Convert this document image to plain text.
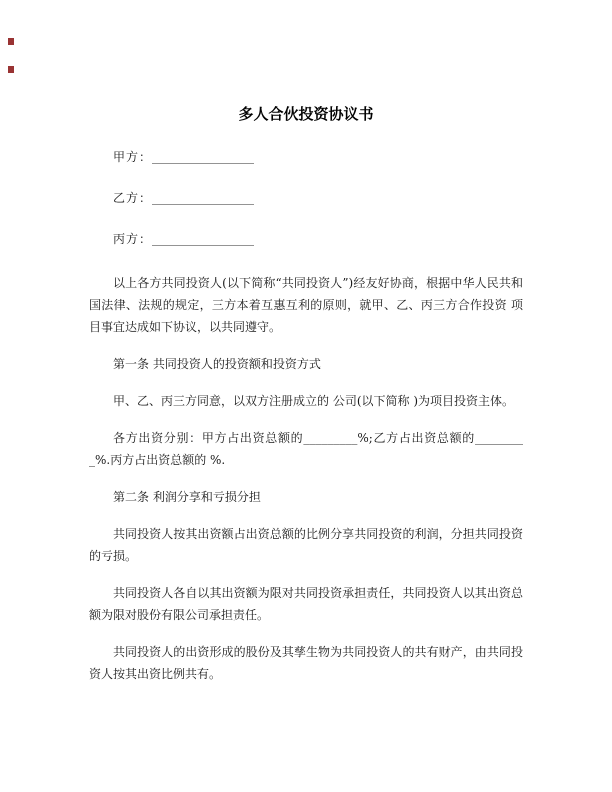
多人合伙投资协议书
甲方：_________________
乙方：_________________
丙方：_________________

以上各方共同投资人(以下简称“共同投资人”)经友好协商，根据中华人民共和国法律、法规的规定，三方本着互惠互利的原则，就甲、乙、丙三方合作投资 项目事宜达成如下协议，以共同遵守。

第一条 共同投资人的投资额和投资方式

甲、乙、丙三方同意，以双方注册成立的 公司(以下简称 )为项目投资主体。

各方出资分别：甲方占出资总额的_________%;乙方占出资总额的_________%.丙方占出资总额的 %.

第二条 利润分享和亏损分担

共同投资人按其出资额占出资总额的比例分享共同投资的利润，分担共同投资的亏损。

共同投资人各自以其出资额为限对共同投资承担责任，共同投资人以其出资总额为限对股份有限公司承担责任。

共同投资人的出资形成的股份及其孳生物为共同投资人的共有财产，由共同投资人按其出资比例共有。
